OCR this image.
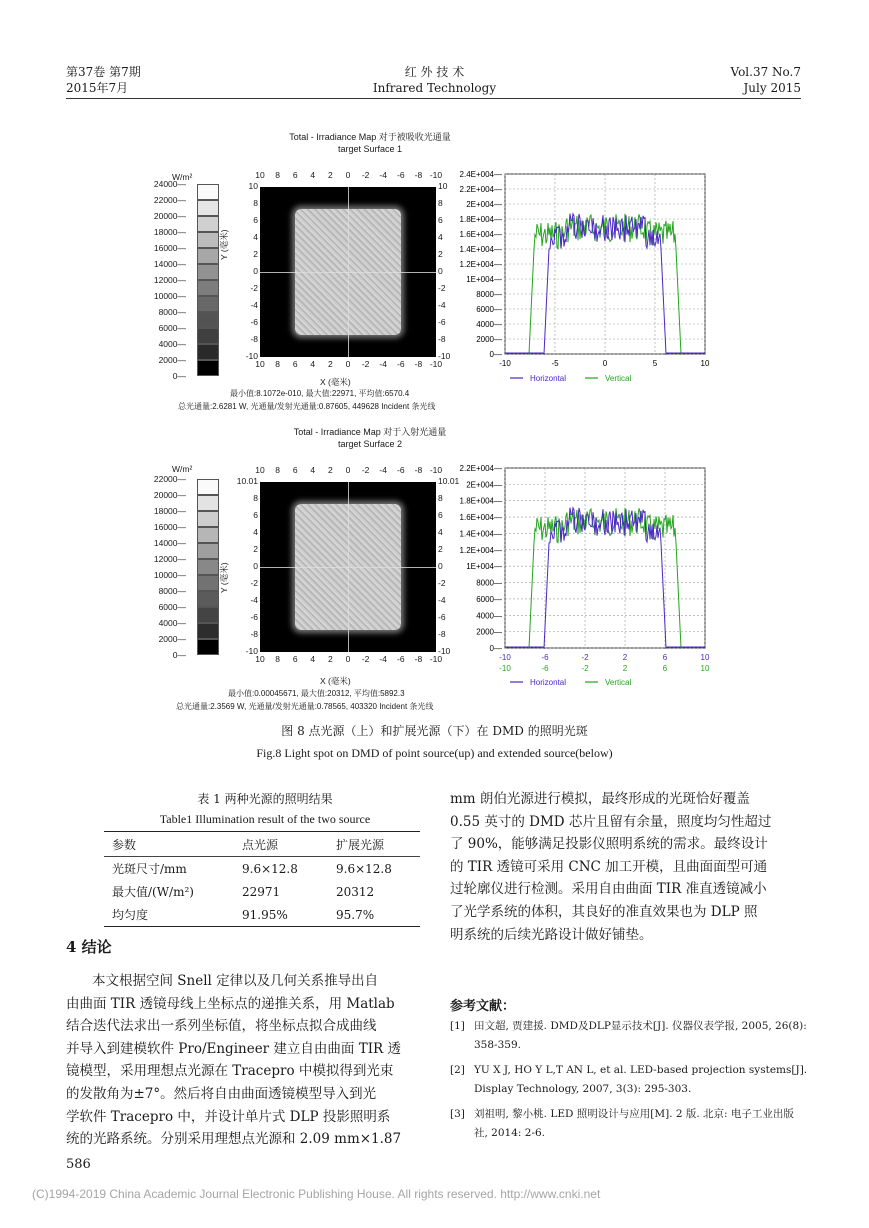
第37卷 第7期
2015年7月
红 外 技 术
Infrared Technology
Vol.37 No.7
July 2015
Total - Irradiance Map 对于被吸收光通量
target Surface 1
W/m²
24000—
22000—
20000—
18000—
16000—
14000—
12000—
10000—
8000—
6000—
4000—
2000—
0—
10	8	6	4	2	0	-2	-4	-6	-8 -10
10	8	6	4	2	0	-2	-4	-6	-8 -10
10
8
6
4
2
0
-2
-4
-6
-8
-10
10
8
6
4
2
0
-2
-4
-6
-8
-10
Y (毫米)
X (毫米)
最小值:8.1072e-010, 最大值:22971, 平均值:6570.4
总光通量:2.6281 W, 光通量/发射光通量:0.87605, 449628 Incident 条光线
2.4E+004—
2.2E+004—
2E+004—
1.8E+004—
1.6E+004—
1.4E+004—
1.2E+004—
1E+004—
8000—
6000—
4000—
2000—
0—
-10	-5	0	5	10
Horizontal	Vertical
Total - Irradiance Map 对于入射光通量
target Surface 2
W/m²
22000—
20000—
18000—
16000—
14000—
12000—
10000—
8000—
6000—
4000—
2000—
0—
10	8	6	4	2	0	-2	-4	-6	-8 -10
10	8	6	4	2	0	-2	-4	-6	-8 -10
10.01
8
6
4
2
0
-2
-4
-6
-8
-10
10.01
8
6
4
2
0
-2
-4
-6
-8
-10
Y (毫米)
X (毫米)
最小值:0.00045671, 最大值:20312, 平均值:5892.3
总光通量:2.3569 W, 光通量/发射光通量:0.78565, 403320 Incident 条光线
2.2E+004—
2E+004—
1.8E+004—
1.6E+004—
1.4E+004—
1.2E+004—
1E+004—
8000—
6000—
4000—
2000—
0—
-10
-10
-6
-6
-2
-2
2
2
6
6
10
10
Horizontal	Vertical
图 8 点光源（上）和扩展光源（下）在 DMD 的照明光斑
Fig.8 Light spot on DMD of point source(up) and extended source(below)
表 1 两种光源的照明结果
Table1 Illumination result of the two source
参数	点光源	扩展光源
光斑尺寸/mm	9.6×12.8	9.6×12.8
最大值/(W/m²)	22971	20312
均匀度	91.95%	95.7%
4 结论
本文根据空间 Snell 定律以及几何关系推导出自
由曲面 TIR 透镜母线上坐标点的递推关系，用 Matlab
结合迭代法求出一系列坐标值，将坐标点拟合成曲线
并导入到建模软件 Pro/Engineer 建立自由曲面 TIR 透
镜模型，采用理想点光源在 Tracepro 中模拟得到光束
的发散角为±7°。然后将自由曲面透镜模型导入到光
学软件 Tracepro 中，并设计单片式 DLP 投影照明系
统的光路系统。分别采用理想点光源和 2.09 mm×1.87
mm 朗伯光源进行模拟，最终形成的光斑恰好覆盖
0.55 英寸的 DMD 芯片且留有余量，照度均匀性超过
了 90%，能够满足投影仪照明系统的需求。最终设计
的 TIR 透镜可采用 CNC 加工开模，且曲面面型可通
过轮廓仪进行检测。采用自由曲面 TIR 准直透镜减小
了光学系统的体积，其良好的准直效果也为 DLP 照
明系统的后续光路设计做好铺垫。
参考文献：
[1] 田文超, 贾建援. DMD及DLP显示技术[J]. 仪器仪表学报, 2005, 26(8):
358-359.
[2] YU X J, HO Y L,T AN L, et al. LED-based projection systems[J].
Display Technology, 2007, 3(3): 295-303.
[3] 刘祖明, 黎小桃. LED 照明设计与应用[M]. 2 版. 北京: 电子工业出版
社, 2014: 2-6.
586
(C)1994-2019 China Academic Journal Electronic Publishing House. All rights reserved. http://www.cnki.net
